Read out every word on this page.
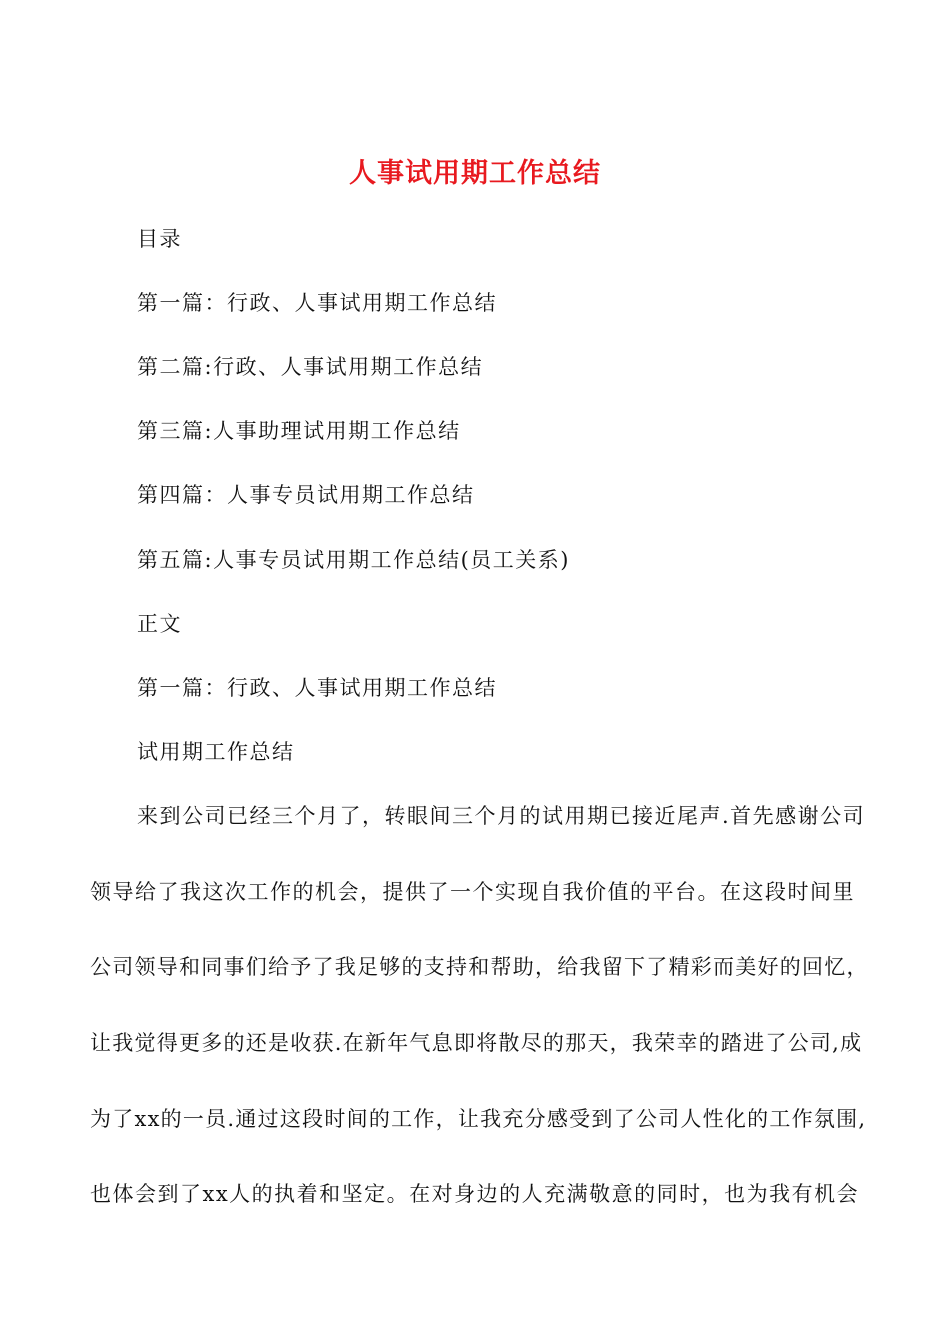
人事试用期工作总结

目录

第一篇：行政、人事试用期工作总结

第二篇:行政、人事试用期工作总结

第三篇:人事助理试用期工作总结

第四篇：人事专员试用期工作总结

第五篇:人事专员试用期工作总结(员工关系)

正文

第一篇：行政、人事试用期工作总结

试用期工作总结

来到公司已经三个月了，转眼间三个月的试用期已接近尾声.首先感谢公司

领导给了我这次工作的机会，提供了一个实现自我价值的平台。在这段时间里

公司领导和同事们给予了我足够的支持和帮助，给我留下了精彩而美好的回忆，

让我觉得更多的还是收获.在新年气息即将散尽的那天，我荣幸的踏进了公司,成

为了xx的一员.通过这段时间的工作，让我充分感受到了公司人性化的工作氛围,

也体会到了xx人的执着和坚定。在对身边的人充满敬意的同时，也为我有机会
